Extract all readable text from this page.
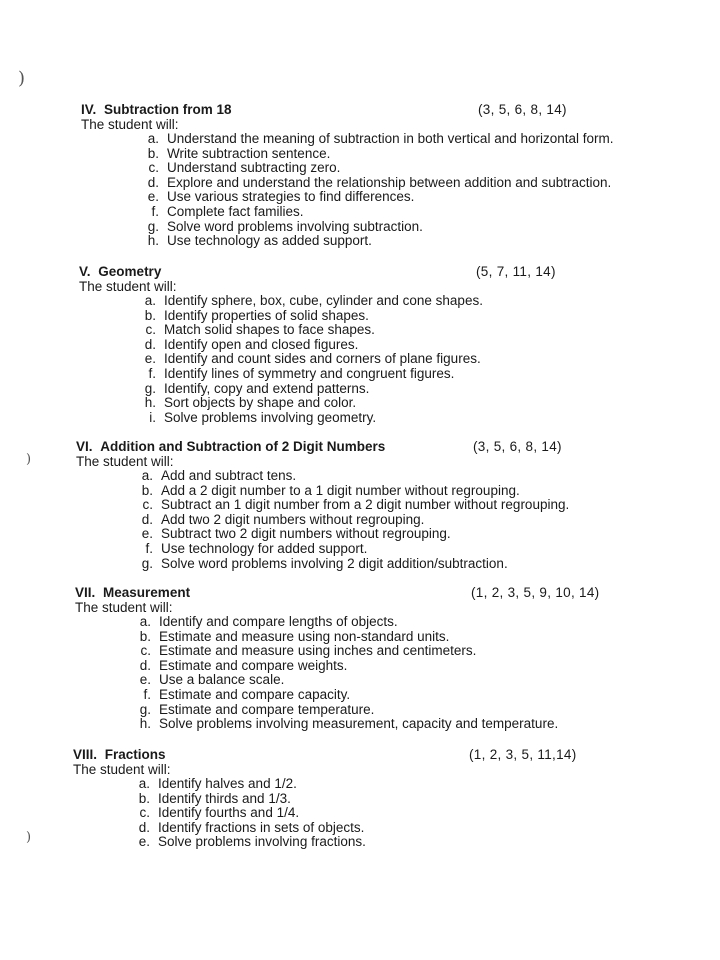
)
)
)
IV. Subtraction from 18	(3, 5, 6, 8, 14)
The student will:
a. Understand the meaning of subtraction in both vertical and horizontal form.
b. Write subtraction sentence.
c. Understand subtracting zero.
d. Explore and understand the relationship between addition and subtraction.
e. Use various strategies to find differences.
f. Complete fact families.
g. Solve word problems involving subtraction.
h. Use technology as added support.
V. Geometry	(5, 7, 11, 14)
The student will:
a. Identify sphere, box, cube, cylinder and cone shapes.
b. Identify properties of solid shapes.
c. Match solid shapes to face shapes.
d. Identify open and closed figures.
e. Identify and count sides and corners of plane figures.
f. Identify lines of symmetry and congruent figures.
g. Identify, copy and extend patterns.
h. Sort objects by shape and color.
i. Solve problems involving geometry.
VI. Addition and Subtraction of 2 Digit Numbers	(3, 5, 6, 8, 14)
The student will:
a. Add and subtract tens.
b. Add a 2 digit number to a 1 digit number without regrouping.
c. Subtract an 1 digit number from a 2 digit number without regrouping.
d. Add two 2 digit numbers without regrouping.
e. Subtract two 2 digit numbers without regrouping.
f. Use technology for added support.
g. Solve word problems involving 2 digit addition/subtraction.
VII. Measurement	(1, 2, 3, 5, 9, 10, 14)
The student will:
a. Identify and compare lengths of objects.
b. Estimate and measure using non-standard units.
c. Estimate and measure using inches and centimeters.
d. Estimate and compare weights.
e. Use a balance scale.
f. Estimate and compare capacity.
g. Estimate and compare temperature.
h. Solve problems involving measurement, capacity and temperature.
VIII. Fractions	(1, 2, 3, 5, 11,14)
The student will:
a. Identify halves and 1/2.
b. Identify thirds and 1/3.
c. Identify fourths and 1/4.
d. Identify fractions in sets of objects.
e. Solve problems involving fractions.
